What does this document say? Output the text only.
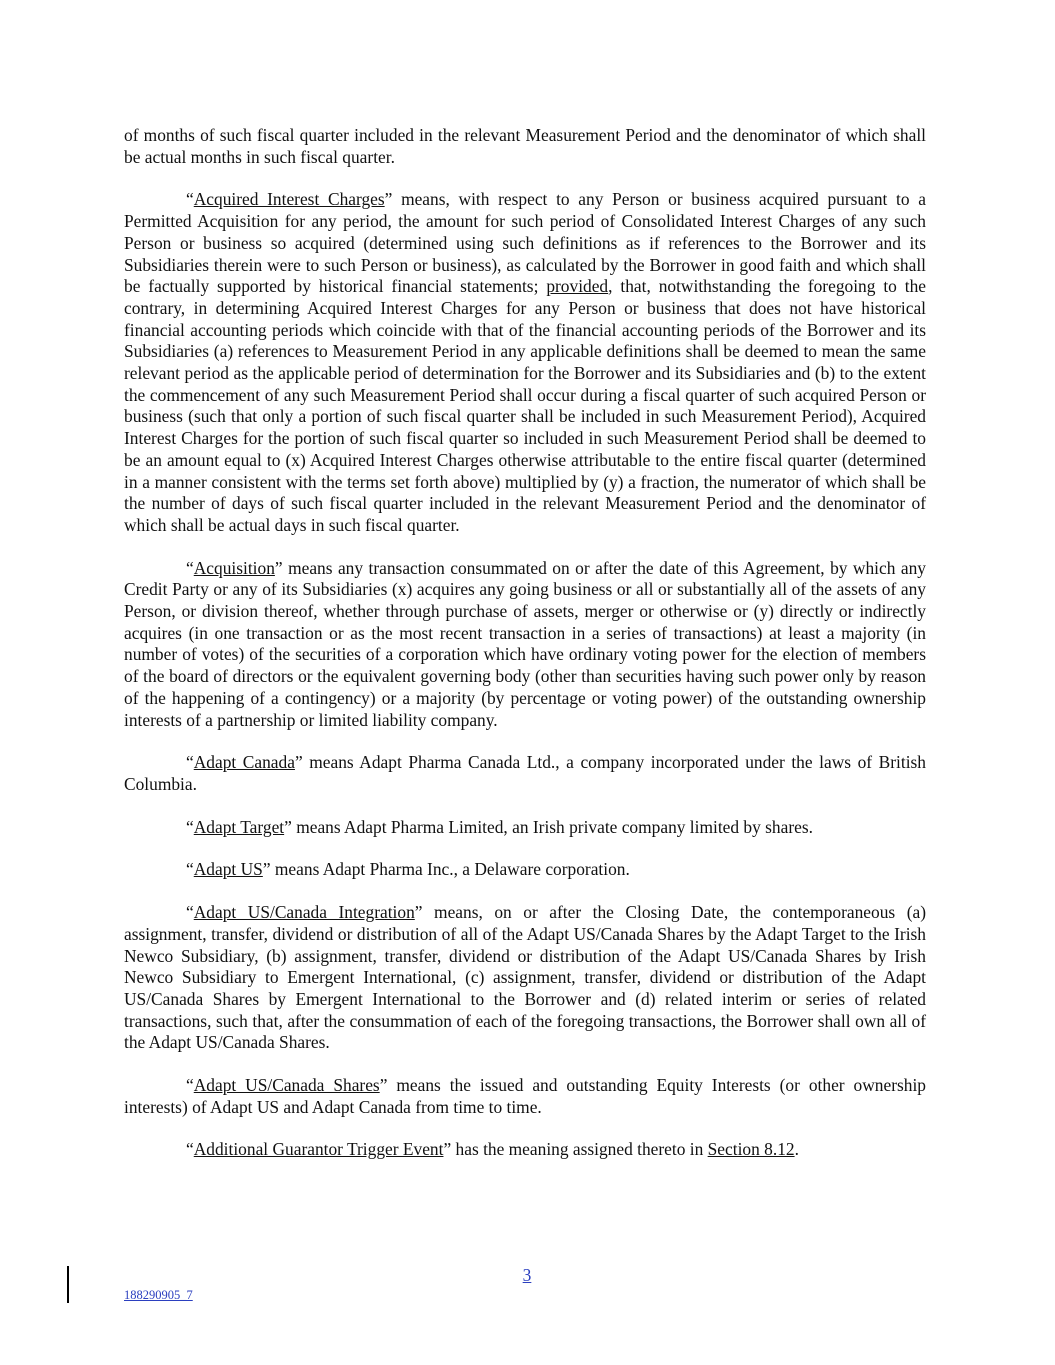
of months of such fiscal quarter included in the relevant Measurement Period and the denominator of which shall be actual months in such fiscal quarter.

“Acquired Interest Charges” means, with respect to any Person or business acquired pursuant to a Permitted Acquisition for any period, the amount for such period of Consolidated Interest Charges of any such Person or business so acquired (determined using such definitions as if references to the Borrower and its Subsidiaries therein were to such Person or business), as calculated by the Borrower in good faith and which shall be factually supported by historical financial statements; provided, that, notwithstanding the foregoing to the contrary, in determining Acquired Interest Charges for any Person or business that does not have historical financial accounting periods which coincide with that of the financial accounting periods of the Borrower and its Subsidiaries (a) references to Measurement Period in any applicable definitions shall be deemed to mean the same relevant period as the applicable period of determination for the Borrower and its Subsidiaries and (b) to the extent the commencement of any such Measurement Period shall occur during a fiscal quarter of such acquired Person or business (such that only a portion of such fiscal quarter shall be included in such Measurement Period), Acquired Interest Charges for the portion of such fiscal quarter so included in such Measurement Period shall be deemed to be an amount equal to (x) Acquired Interest Charges otherwise attributable to the entire fiscal quarter (determined in a manner consistent with the terms set forth above) multiplied by (y) a fraction, the numerator of which shall be the number of days of such fiscal quarter included in the relevant Measurement Period and the denominator of which shall be actual days in such fiscal quarter.

“Acquisition” means any transaction consummated on or after the date of this Agreement, by which any Credit Party or any of its Subsidiaries (x) acquires any going business or all or substantially all of the assets of any Person, or division thereof, whether through purchase of assets, merger or otherwise or (y) directly or indirectly acquires (in one transaction or as the most recent transaction in a series of transactions) at least a majority (in number of votes) of the securities of a corporation which have ordinary voting power for the election of members of the board of directors or the equivalent governing body (other than securities having such power only by reason of the happening of a contingency) or a majority (by percentage or voting power) of the outstanding ownership interests of a partnership or limited liability company.

“Adapt Canada” means Adapt Pharma Canada Ltd., a company incorporated under the laws of British Columbia.

“Adapt Target” means Adapt Pharma Limited, an Irish private company limited by shares.

“Adapt US” means Adapt Pharma Inc., a Delaware corporation.

“Adapt US/Canada Integration” means, on or after the Closing Date, the contemporaneous (a) assignment, transfer, dividend or distribution of all of the Adapt US/Canada Shares by the Adapt Target to the Irish Newco Subsidiary, (b) assignment, transfer, dividend or distribution of the Adapt US/Canada Shares by Irish Newco Subsidiary to Emergent International, (c) assignment, transfer, dividend or distribution of the Adapt US/Canada Shares by Emergent International to the Borrower and (d) related interim or series of related transactions, such that, after the consummation of each of the foregoing transactions, the Borrower shall own all of the Adapt US/Canada Shares.

“Adapt US/Canada Shares” means the issued and outstanding Equity Interests (or other ownership interests) of Adapt US and Adapt Canada from time to time.

“Additional Guarantor Trigger Event” has the meaning assigned thereto in Section 8.12.

3
188290905_7
